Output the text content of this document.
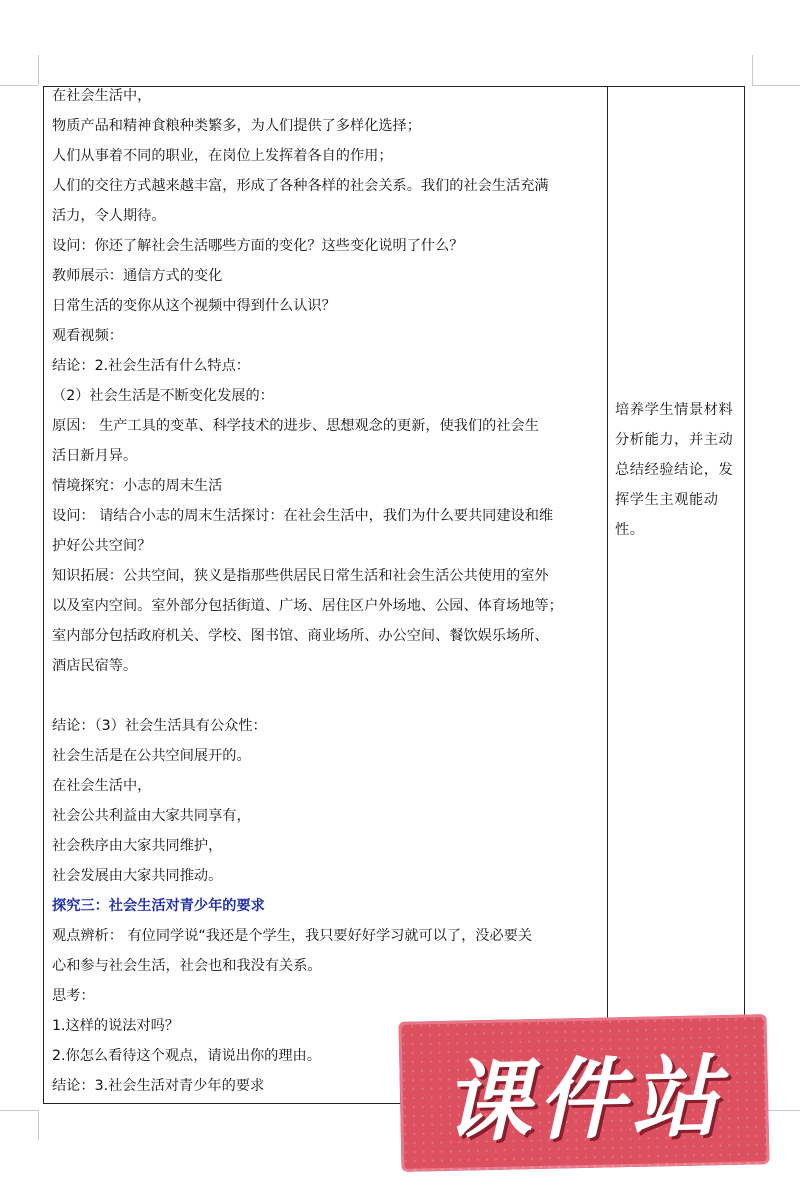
在社会生活中，
物质产品和精神食粮种类繁多，为人们提供了多样化选择；
人们从事着不同的职业，在岗位上发挥着各自的作用；
人们的交往方式越来越丰富，形成了各种各样的社会关系。我们的社会生活充满
活力，令人期待。
设问：你还了解社会生活哪些方面的变化？这些变化说明了什么？
教师展示：通信方式的变化
日常生活的变你从这个视频中得到什么认识？
观看视频：
结论：2.社会生活有什么特点：
（2）社会生活是不断变化发展的：
原因： 生产工具的变革、科学技术的进步、思想观念的更新，使我们的社会生
活日新月异。
情境探究：小志的周末生活
设问： 请结合小志的周末生活探讨：在社会生活中，我们为什么要共同建设和维
护好公共空间？
知识拓展：公共空间，狭义是指那些供居民日常生活和社会生活公共使用的室外
以及室内空间。室外部分包括街道、广场、居住区户外场地、公园、体育场地等；
室内部分包括政府机关、学校、图书馆、商业场所、办公空间、餐饮娱乐场所、
酒店民宿等。
结论：（3）社会生活具有公众性：
社会生活是在公共空间展开的。
在社会生活中，
社会公共利益由大家共同享有，
社会秩序由大家共同维护，
社会发展由大家共同推动。
探究三：社会生活对青少年的要求
观点辨析： 有位同学说“我还是个学生，我只要好好学习就可以了，没必要关
心和参与社会生活，社会也和我没有关系。
思考：
1.这样的说法对吗？
2.你怎么看待这个观点，请说出你的理由。
结论：3.社会生活对青少年的要求
培养学生情景材料
分析能力，并主动
总结经验结论，发
挥学生主观能动
性。
课件站
